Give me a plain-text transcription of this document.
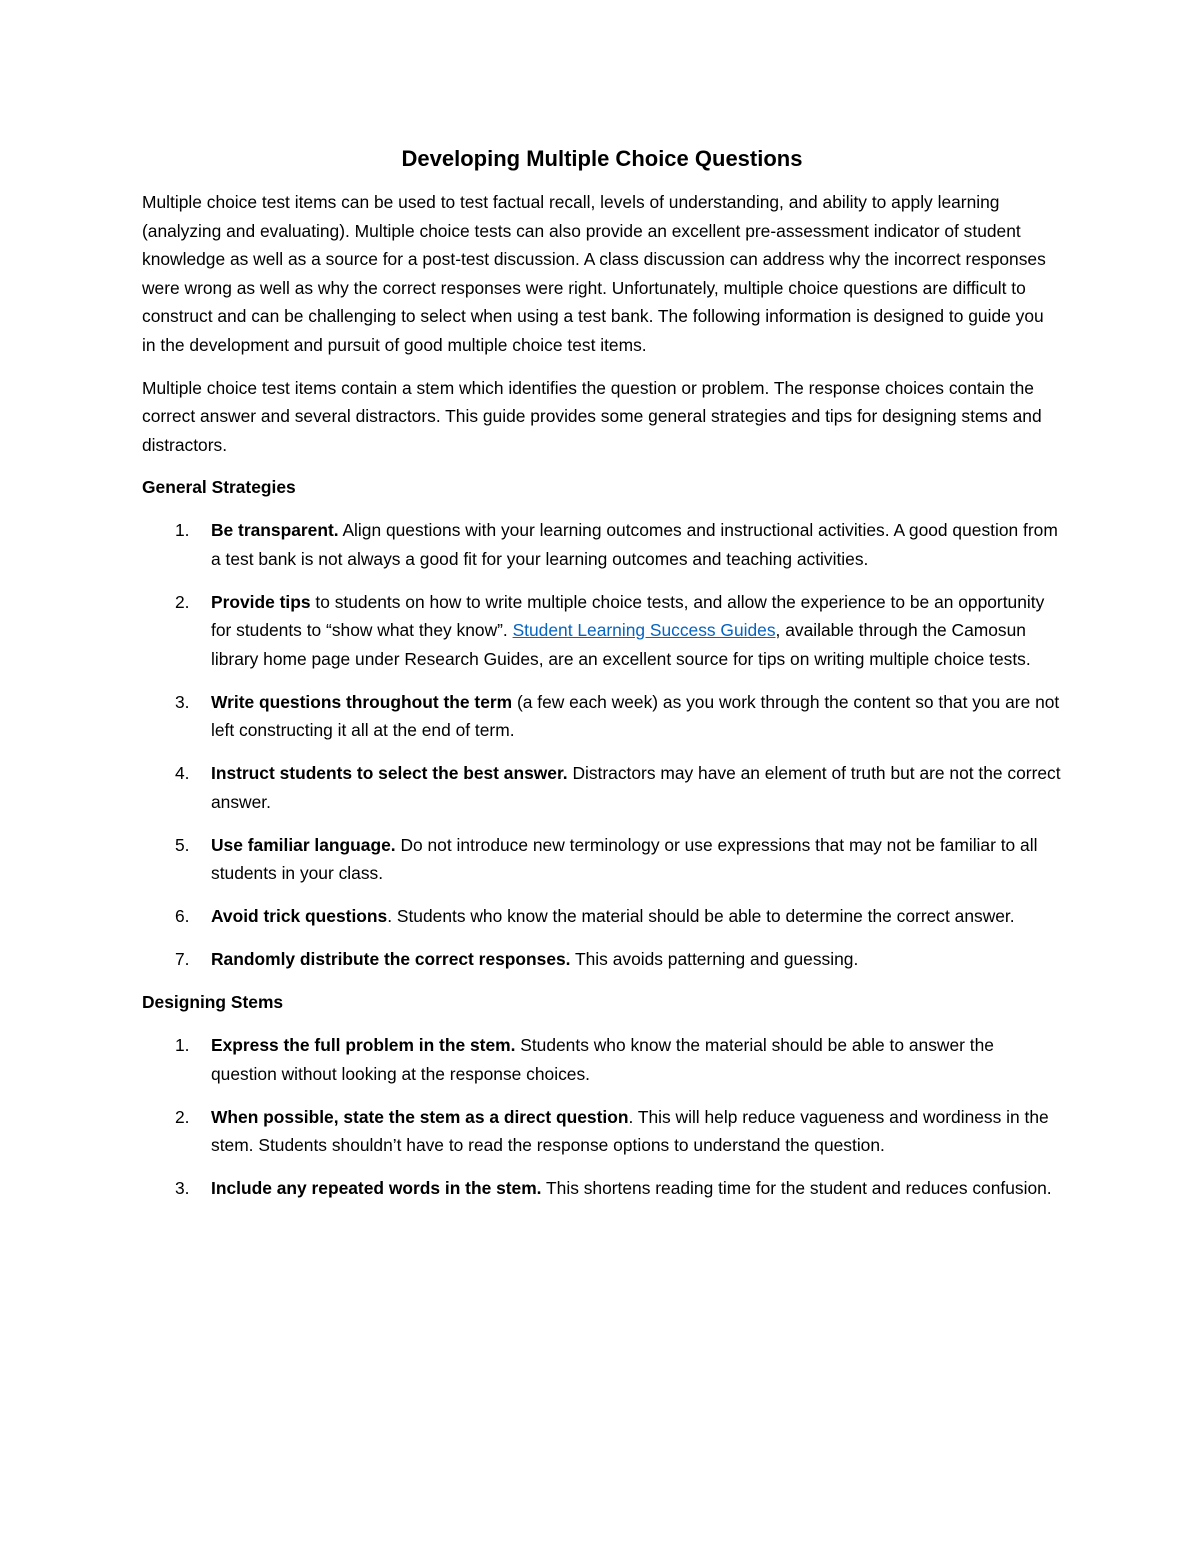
Developing Multiple Choice Questions

Multiple choice test items can be used to test factual recall, levels of understanding, and ability to apply learning (analyzing and evaluating). Multiple choice tests can also provide an excellent pre-assessment indicator of student knowledge as well as a source for a post-test discussion. A class discussion can address why the incorrect responses were wrong as well as why the correct responses were right. Unfortunately, multiple choice questions are difficult to construct and can be challenging to select when using a test bank. The following information is designed to guide you in the development and pursuit of good multiple choice test items.

Multiple choice test items contain a stem which identifies the question or problem. The response choices contain the correct answer and several distractors. This guide provides some general strategies and tips for designing stems and distractors.

General Strategies
1. Be transparent. Align questions with your learning outcomes and instructional activities. A good question from a test bank is not always a good fit for your learning outcomes and teaching activities.
2. Provide tips to students on how to write multiple choice tests, and allow the experience to be an opportunity for students to “show what they know”. Student Learning Success Guides, available through the Camosun library home page under Research Guides, are an excellent source for tips on writing multiple choice tests.
3. Write questions throughout the term (a few each week) as you work through the content so that you are not left constructing it all at the end of term.
4. Instruct students to select the best answer. Distractors may have an element of truth but are not the correct answer.
5. Use familiar language. Do not introduce new terminology or use expressions that may not be familiar to all students in your class.
6. Avoid trick questions. Students who know the material should be able to determine the correct answer.
7. Randomly distribute the correct responses. This avoids patterning and guessing.
Designing Stems
1. Express the full problem in the stem. Students who know the material should be able to answer the question without looking at the response choices.
2. When possible, state the stem as a direct question. This will help reduce vagueness and wordiness in the stem. Students shouldn’t have to read the response options to understand the question.
3. Include any repeated words in the stem. This shortens reading time for the student and reduces confusion.
